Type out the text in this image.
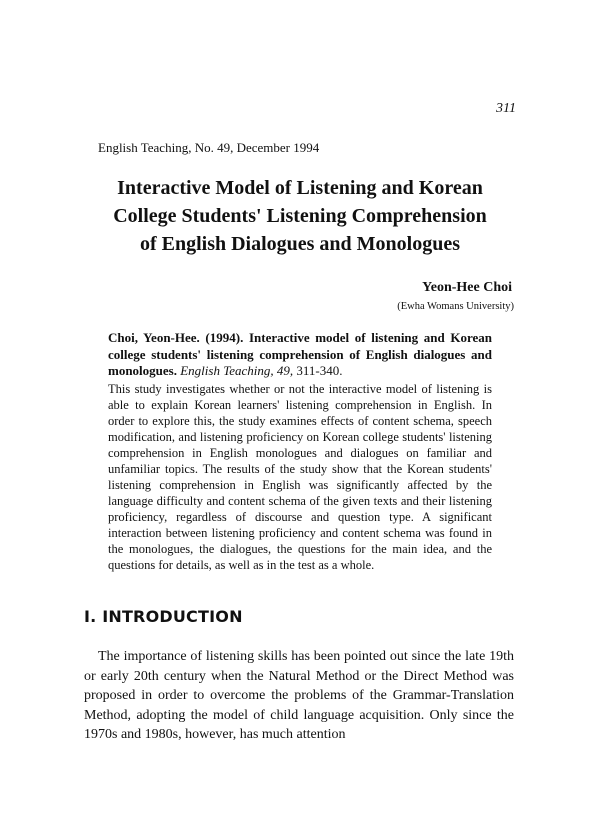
311
English Teaching, No. 49, December 1994
Interactive Model of Listening and Korean
College Students' Listening Comprehension
of English Dialogues and Monologues
Yeon-Hee Choi
(Ewha Womans University)
Choi, Yeon-Hee. (1994). Interactive model of listening and Korean college students' listening comprehension of English dialogues and monologues. English Teaching, 49, 311-340.

This study investigates whether or not the interactive model of listening is able to explain Korean learners' listening comprehension in English. In order to explore this, the study examines effects of content schema, speech modification, and listening proficiency on Korean college students' listening comprehension in English monologues and dialogues on familiar and unfamiliar topics. The results of the study show that the Korean students' listening comprehension in English was significantly affected by the language difficulty and content schema of the given texts and their listening proficiency, regardless of discourse and question type. A significant interaction between listening proficiency and content schema was found in the monologues, the dialogues, the questions for the main idea, and the questions for details, as well as in the test as a whole.

I. INTRODUCTION

The importance of listening skills has been pointed out since the late 19th or early 20th century when the Natural Method or the Direct Method was proposed in order to overcome the problems of the Grammar-Translation Method, adopting the model of child language acquisition. Only since the 1970s and 1980s, however, has much attention
